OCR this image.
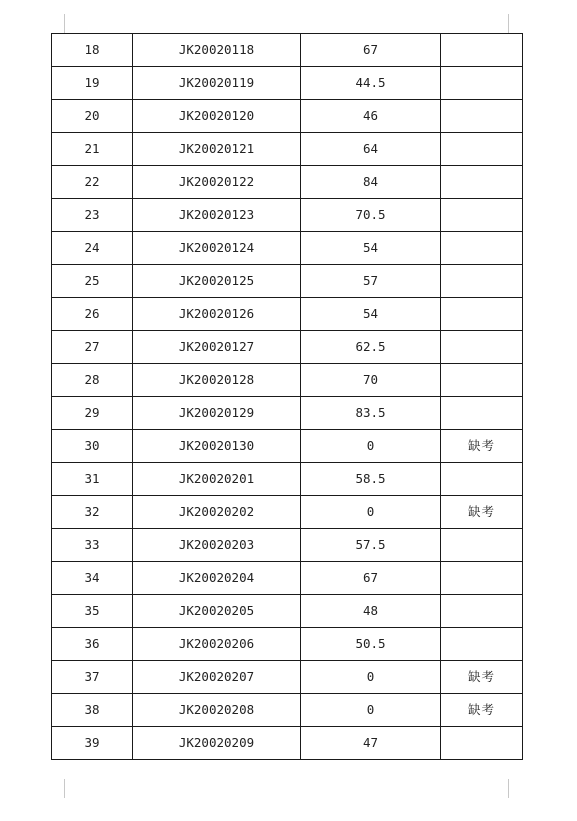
18	JK20020118	67	
19	JK20020119	44.5	
20	JK20020120	46	
21	JK20020121	64	
22	JK20020122	84	
23	JK20020123	70.5	
24	JK20020124	54	
25	JK20020125	57	
26	JK20020126	54	
27	JK20020127	62.5	
28	JK20020128	70	
29	JK20020129	83.5	
30	JK20020130	0	缺考
31	JK20020201	58.5	
32	JK20020202	0	缺考
33	JK20020203	57.5	
34	JK20020204	67	
35	JK20020205	48	
36	JK20020206	50.5	
37	JK20020207	0	缺考
38	JK20020208	0	缺考
39	JK20020209	47	
